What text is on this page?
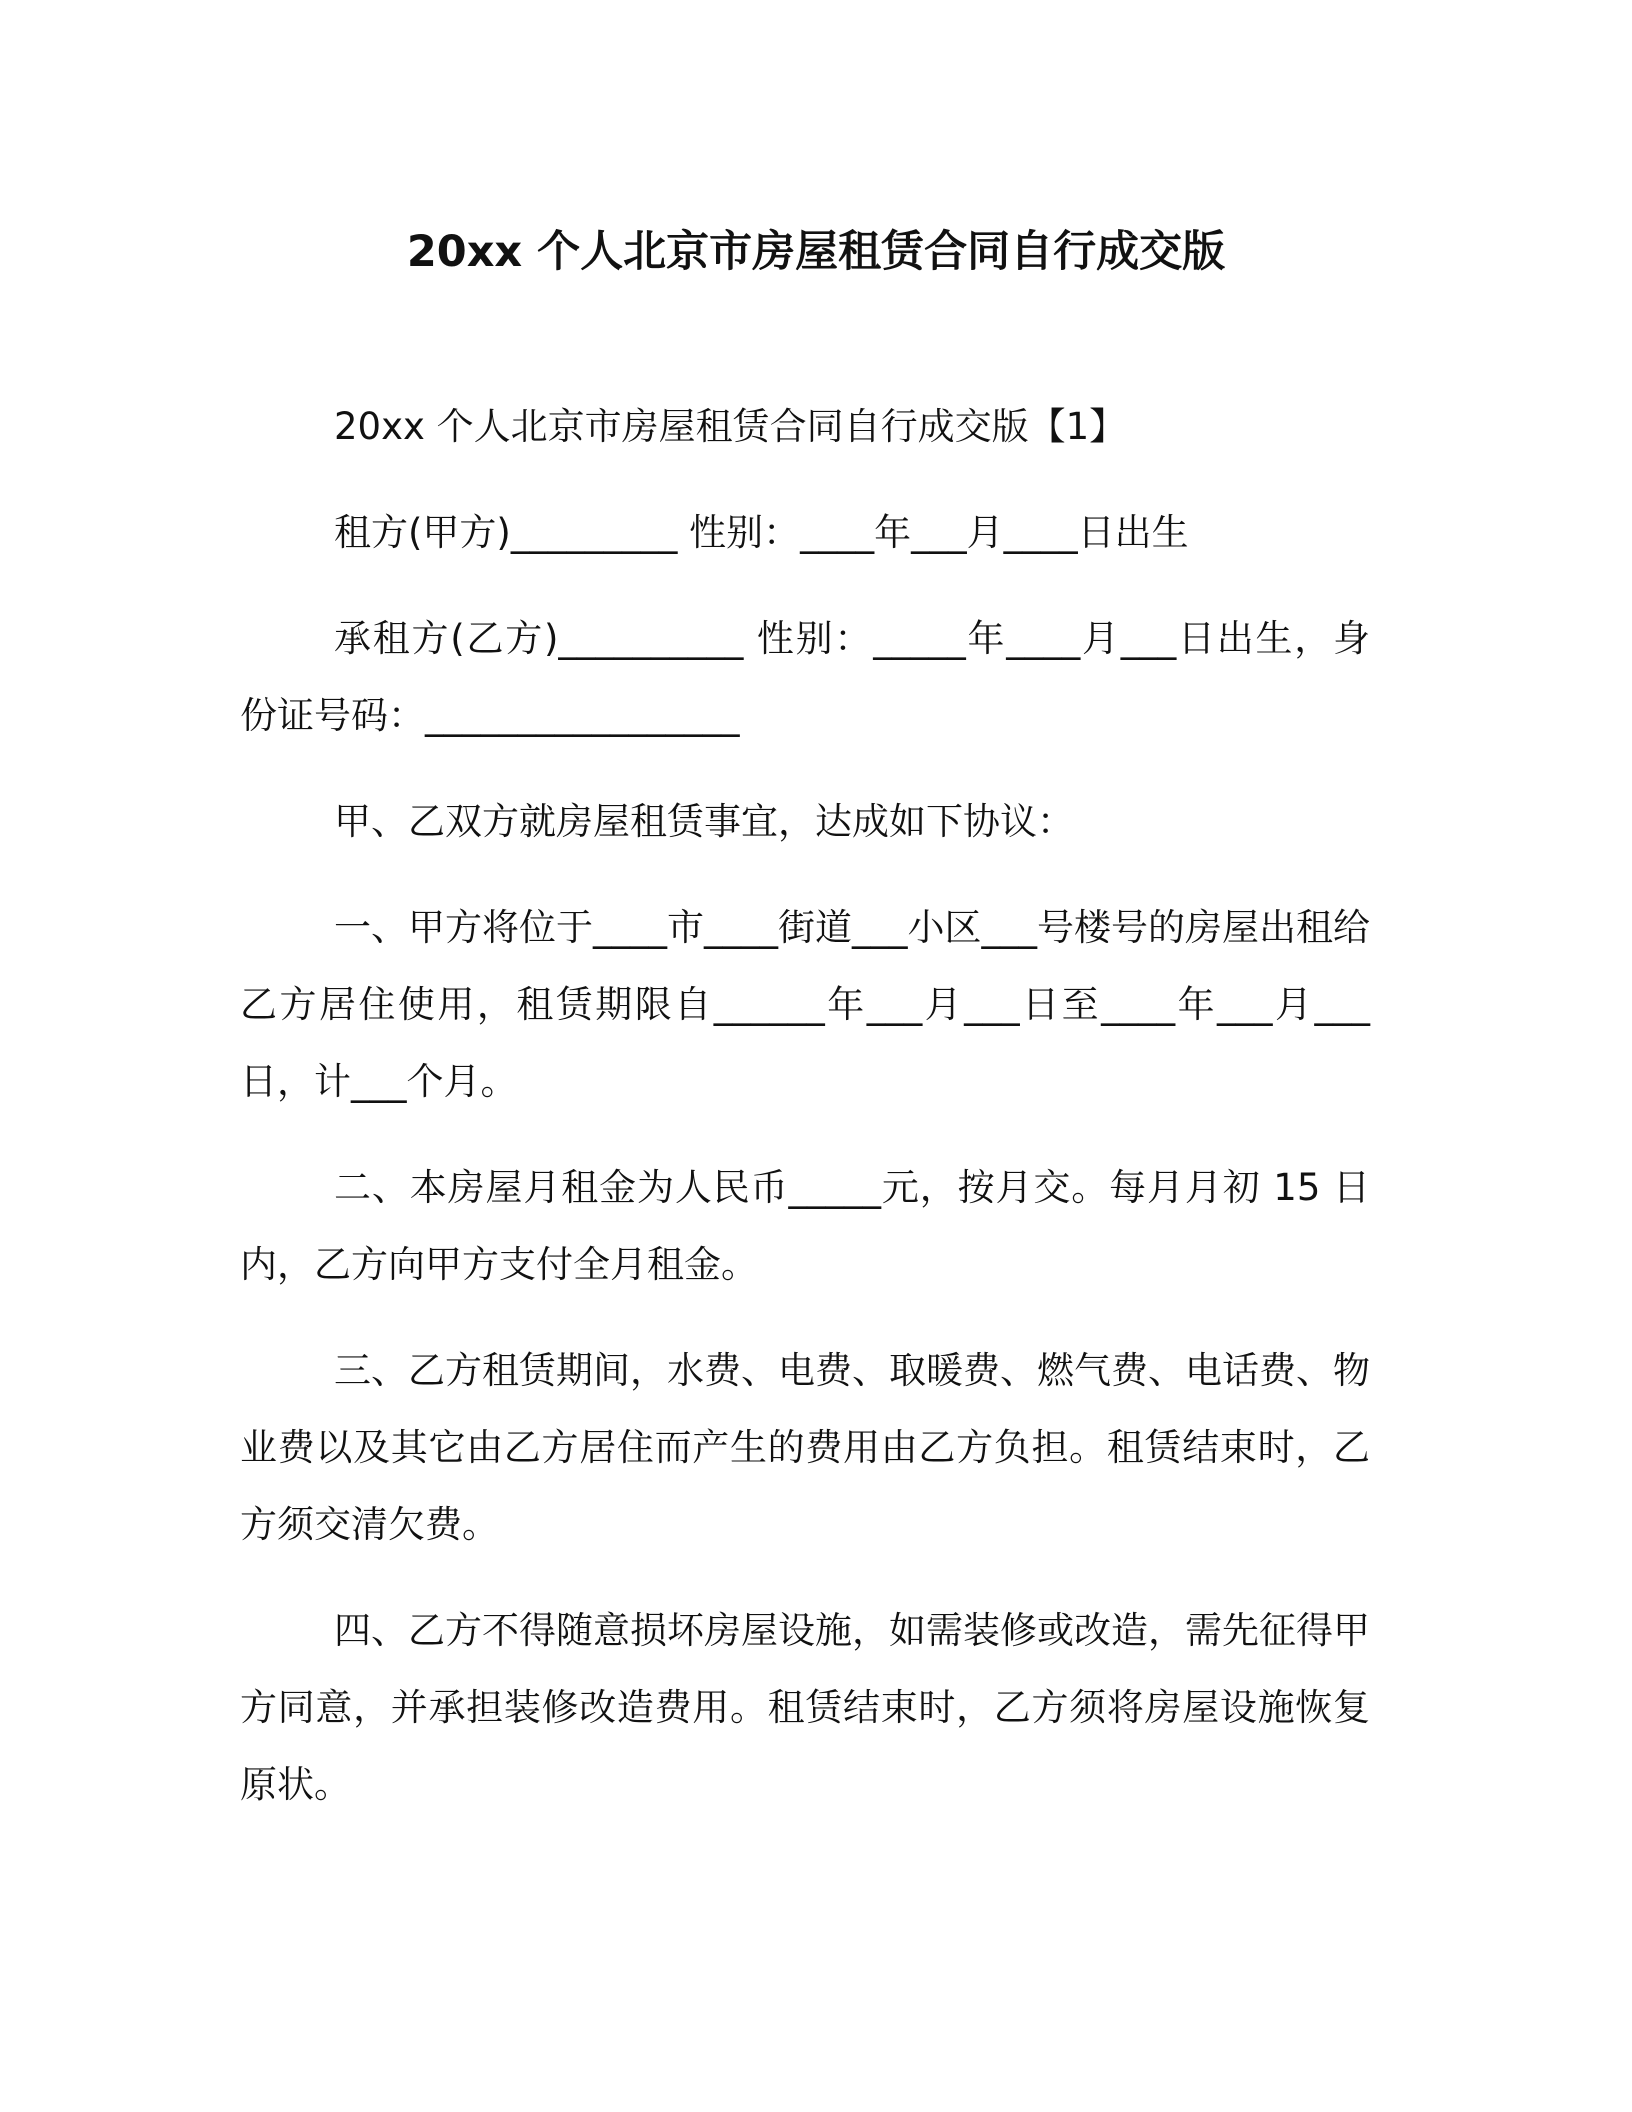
20xx 个人北京市房屋租赁合同自行成交版

20xx 个人北京市房屋租赁合同自行成交版【1】

租方(甲方)_________ 性别：____年___月____日出生

承租方(乙方)__________ 性别：_____年____月___日出生，身份证号码：_________________

甲、乙双方就房屋租赁事宜，达成如下协议：

一、甲方将位于____市____街道___小区___号楼号的房屋出租给乙方居住使用，租赁期限自______年___月___日至____年___月___日，计___个月。

二、本房屋月租金为人民币_____元，按月交。每月月初 15 日内，乙方向甲方支付全月租金。

三、乙方租赁期间，水费、电费、取暖费、燃气费、电话费、物业费以及其它由乙方居住而产生的费用由乙方负担。租赁结束时，乙方须交清欠费。

四、乙方不得随意损坏房屋设施，如需装修或改造，需先征得甲方同意，并承担装修改造费用。租赁结束时，乙方须将房屋设施恢复原状。
